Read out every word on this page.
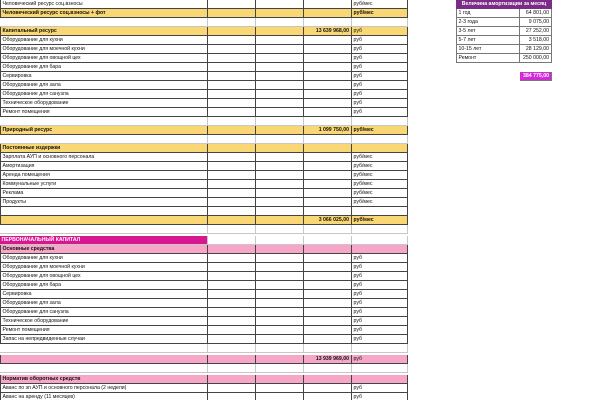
Человеческий ресурс соц.взносы	руб/мес
Человеческий ресурс соц.взносы + фот	руб/мес
Капитальный ресурс	13 639 968,00 руб
Оборудование для кухни	руб
Оборудование для моечной кухни	руб
Оборудование для овощной цех	руб
Оборудование для бара	руб
Сервировка	руб
Оборудование для зала	руб
Оборудование для санузла	руб
Техническое оборудование	руб
Ремонт помещения	руб
Природный ресурс	1 099 750,00 руб/мес
Постоянные издержки
Зарплата АУП и основного персонала	руб/мес
Амортизация	руб/мес
Аренда помещения	руб/мес
Коммунальные услуги	руб/мес
Реклама	руб/мес
Продукты	руб/мес
3 066 025,00 руб/мес
ПЕРВОНАЧАЛЬНЫЙ КАПИТАЛ
Основные средства
Оборудование для кухни	руб
Оборудование для моечной кухни	руб
Оборудование для овощной цех	руб
Оборудование для бара	руб
Сервировка	руб
Оборудование для зала	руб
Оборудование для санузла	руб
Техническое оборудование	руб
Ремонт помещения	руб
Запас на непредвиденные случаи	руб
13 939 969,00 руб
Норматив оборотных средств
Аванс по зп АУП и основного персонала (2 недели)	руб
Аванс на аренду (11 месяцев)	руб
Величина амортизации за месяц
1 год	64 801,00
2-3 года	9 075,00
3-5 лет	27 252,00
5-7 лет	3 518,00
10-15 лет	28 129,00
Ремонт	250 000,00
384 775,00
